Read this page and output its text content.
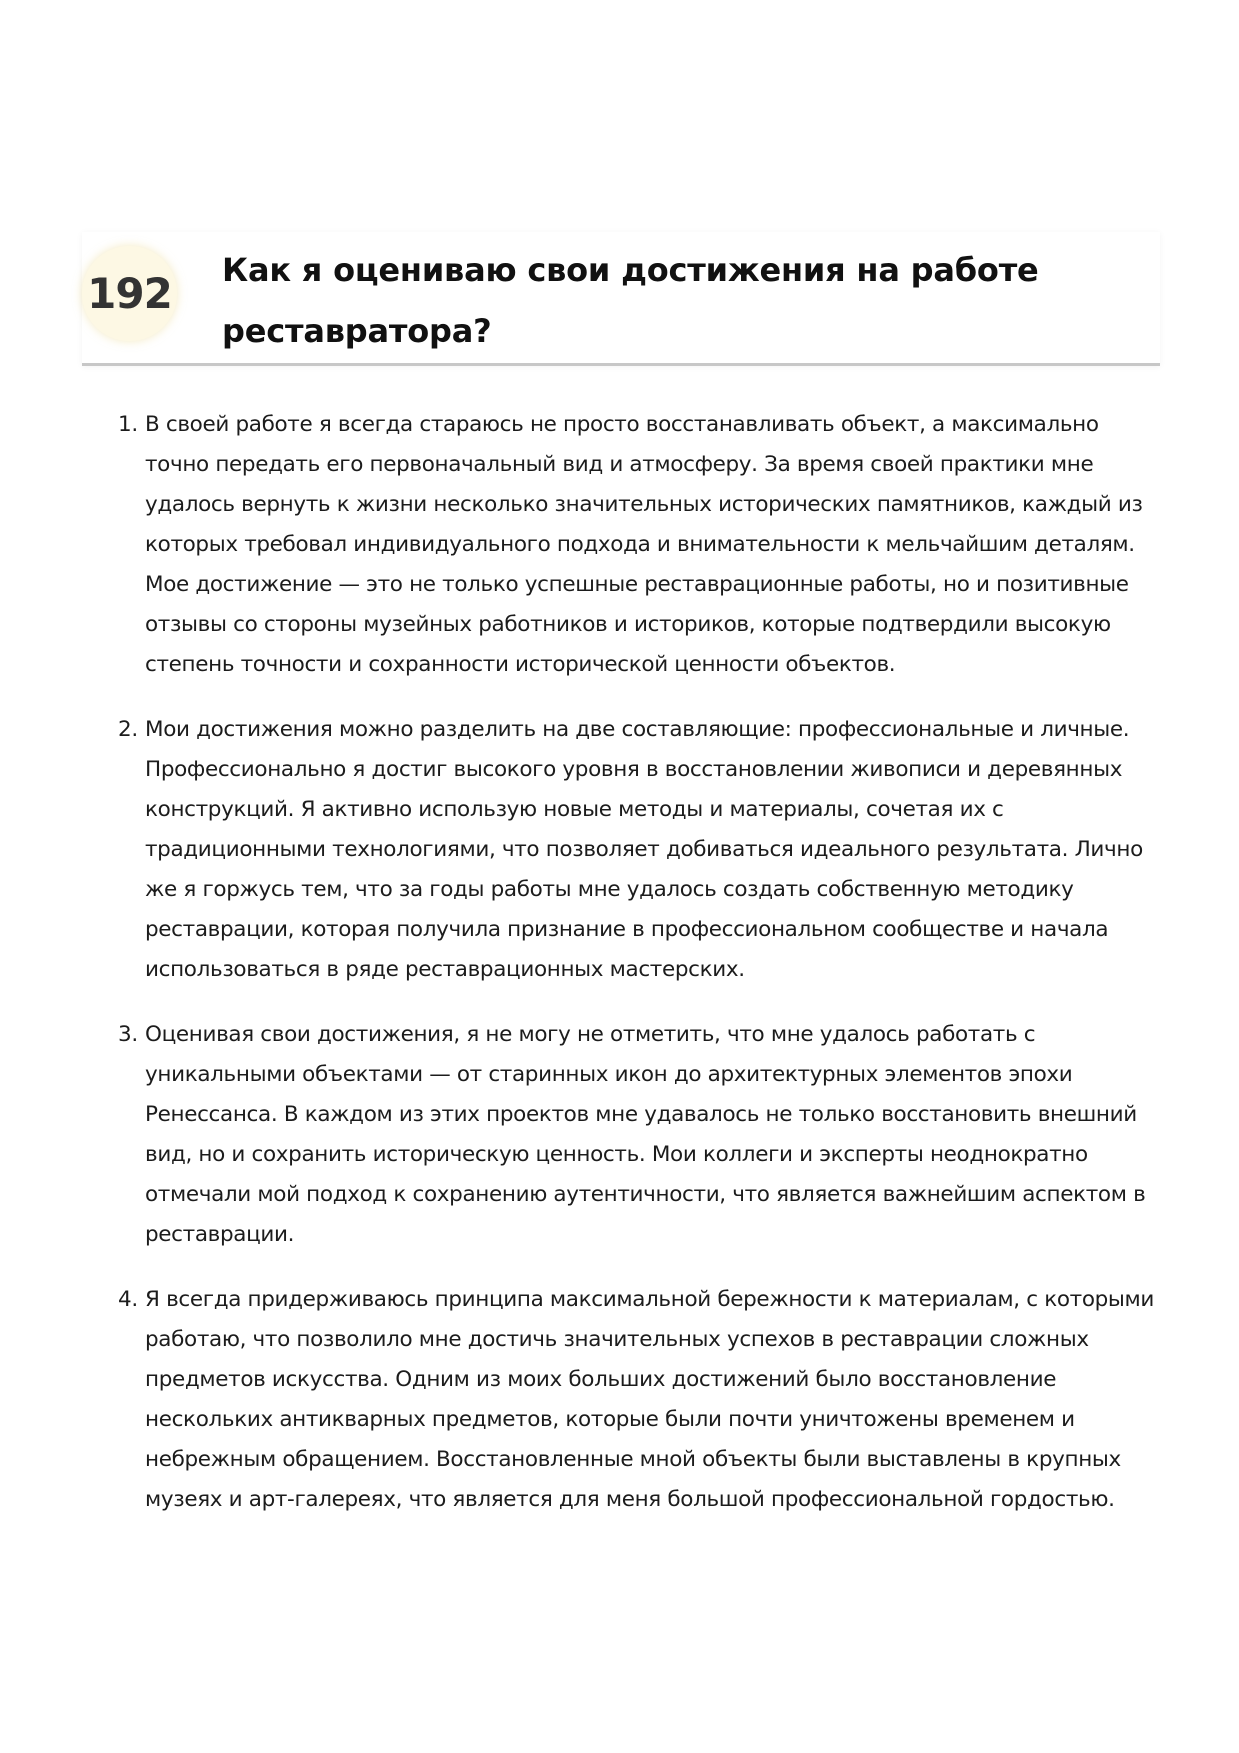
192 Как я оцениваю свои достижения на работе реставратора?
1. В своей работе я всегда стараюсь не просто восстанавливать объект, а максимально точно передать его первоначальный вид и атмосферу. За время своей практики мне удалось вернуть к жизни несколько значительных исторических памятников, каждый из которых требовал индивидуального подхода и внимательности к мельчайшим деталям. Мое достижение — это не только успешные реставрационные работы, но и позитивные отзывы со стороны музейных работников и историков, которые подтвердили высокую степень точности и сохранности исторической ценности объектов.
2. Мои достижения можно разделить на две составляющие: профессиональные и личные. Профессионально я достиг высокого уровня в восстановлении живописи и деревянных конструкций. Я активно использую новые методы и материалы, сочетая их с традиционными технологиями, что позволяет добиваться идеального результата. Лично же я горжусь тем, что за годы работы мне удалось создать собственную методику реставрации, которая получила признание в профессиональном сообществе и начала использоваться в ряде реставрационных мастерских.
3. Оценивая свои достижения, я не могу не отметить, что мне удалось работать с уникальными объектами — от старинных икон до архитектурных элементов эпохи Ренессанса. В каждом из этих проектов мне удавалось не только восстановить внешний вид, но и сохранить историческую ценность. Мои коллеги и эксперты неоднократно отмечали мой подход к сохранению аутентичности, что является важнейшим аспектом в реставрации.
4. Я всегда придерживаюсь принципа максимальной бережности к материалам, с которыми работаю, что позволило мне достичь значительных успехов в реставрации сложных предметов искусства. Одним из моих больших достижений было восстановление нескольких антикварных предметов, которые были почти уничтожены временем и небрежным обращением. Восстановленные мной объекты были выставлены в крупных музеях и арт-галереях, что является для меня большой профессиональной гордостью.
